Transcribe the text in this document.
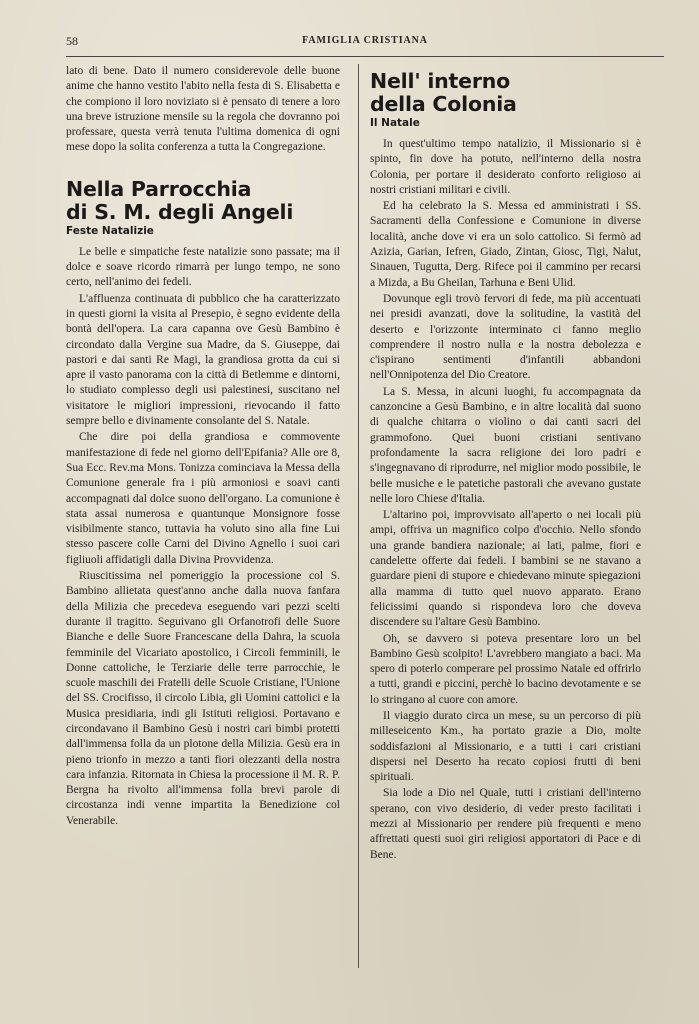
58	FAMIGLIA CRISTIANA

lato di bene. Dato il numero considerevole delle buone anime che hanno vestito l'abito nella festa di S. Elisabetta e che compiono il loro noviziato si è pensato di tenere a loro una breve istruzione mensile su la regola che dovranno poi professare, questa verrà tenuta l'ultima domenica di ogni mese dopo la solita conferenza a tutta la Congregazione.

Nella Parrocchia
di S. M. degli Angeli
Feste Natalizie

Le belle e simpatiche feste natalizie sono passate; ma il dolce e soave ricordo rimarrà per lungo tempo, ne sono certo, nell'animo dei fedeli.

L'affluenza continuata di pubblico che ha caratterizzato in questi giorni la visita al Presepio, è segno evidente della bontà dell'opera. La cara capanna ove Gesù Bambino è circondato dalla Vergine sua Madre, da S. Giuseppe, dai pastori e dai santi Re Magi, la grandiosa grotta da cui si apre il vasto panorama con la città di Betlemme e dintorni, lo studiato complesso degli usi palestinesi, suscitano nel visitatore le migliori impressioni, rievocando il fatto sempre bello e divinamente consolante del S. Natale.

Che dire poi della grandiosa e commovente manifestazione di fede nel giorno dell'Epifania? Alle ore 8, Sua Ecc. Rev.ma Mons. Tonizza cominciava la Messa della Comunione generale fra i più armoniosi e soavi canti accompagnati dal dolce suono dell'organo. La comunione è stata assai numerosa e quantunque Monsignore fosse visibilmente stanco, tuttavia ha voluto sino alla fine Lui stesso pascere colle Carni del Divino Agnello i suoi cari figliuoli affidatigli dalla Divina Provvidenza.

Riuscitissima nel pomeriggio la processione col S. Bambino allietata quest'anno anche dalla nuova fanfara della Milizia che precedeva eseguendo vari pezzi scelti durante il tragitto. Seguivano gli Orfanotrofi delle Suore Bianche e delle Suore Francescane della Dahra, la scuola femminile del Vicariato apostolico, i Circoli femminili, le Donne cattoliche, le Terziarie delle terre parrocchie, le scuole maschili dei Fratelli delle Scuole Cristiane, l'Unione del SS. Crocifisso, il circolo Libia, gli Uomini cattolici e la Musica presidiaria, indi gli Istituti religiosi. Portavano e circondavano il Bambino Gesù i nostri cari bimbi protetti dall'immensa folla da un plotone della Milizia. Gesù era in pieno trionfo in mezzo a tanti fiori olezzanti della nostra cara infanzia. Ritornata in Chiesa la processione il M. R. P. Bergna ha rivolto all'immensa folla brevi parole di circostanza indi venne impartita la Benedizione col Venerabile.

Nell' interno
della Colonia
Il Natale

In quest'ultimo tempo natalizio, il Missionario si è spinto, fin dove ha potuto, nell'interno della nostra Colonia, per portare il desiderato conforto religioso ai nostri cristiani militari e civili.

Ed ha celebrato la S. Messa ed amministrati i SS. Sacramenti della Confessione e Comunione in diverse località, anche dove vi era un solo cattolico. Si fermò ad Azizia, Garian, Iefren, Giado, Zintan, Giosc, Tigi, Nalut, Sinauen, Tugutta, Derg. Rifece poi il cammino per recarsi a Mizda, a Bu Gheilan, Tarhuna e Beni Ulid.

Dovunque egli trovò fervori di fede, ma più accentuati nei presidi avanzati, dove la solitudine, la vastità del deserto e l'orizzonte interminato ci fanno meglio comprendere il nostro nulla e la nostra debolezza e c'ispirano sentimenti d'infantili abbandoni nell'Onnipotenza del Dio Creatore.

La S. Messa, in alcuni luoghi, fu accompagnata da canzoncine a Gesù Bambino, e in altre località dal suono di qualche chitarra o violino o dai canti sacri del grammofono. Quei buoni cristiani sentivano profondamente la sacra religione dei loro padri e s'ingegnavano di riprodurre, nel miglior modo possibile, le belle musiche e le patetiche pastorali che avevano gustate nelle loro Chiese d'Italia.

L'altarino poi, improvvisato all'aperto o nei locali più ampi, offriva un magnifico colpo d'occhio. Nello sfondo una grande bandiera nazionale; ai lati, palme, fiori e candelette offerte dai fedeli. I bambini se ne stavano a guardare pieni di stupore e chiedevano minute spiegazioni alla mamma di tutto quel nuovo apparato. Erano felicissimi quando si rispondeva loro che doveva discendere su l'altare Gesù Bambino.

Oh, se davvero si poteva presentare loro un bel Bambino Gesù scolpito! L'avrebbero mangiato a baci. Ma spero di poterlo comperare pel prossimo Natale ed offrirlo a tutti, grandi e piccini, perchè lo bacino devotamente e se lo stringano al cuore con amore.

Il viaggio durato circa un mese, su un percorso di più milleseicento Km., ha portato grazie a Dio, molte soddisfazioni al Missionario, e a tutti i cari cristiani dispersi nel Deserto ha recato copiosi frutti di beni spirituali.

Sia lode a Dio nel Quale, tutti i cristiani dell'interno sperano, con vivo desiderio, di veder presto facilitati i mezzi al Missionario per rendere più frequenti e meno affrettati questi suoi giri religiosi apportatori di Pace e di Bene.
